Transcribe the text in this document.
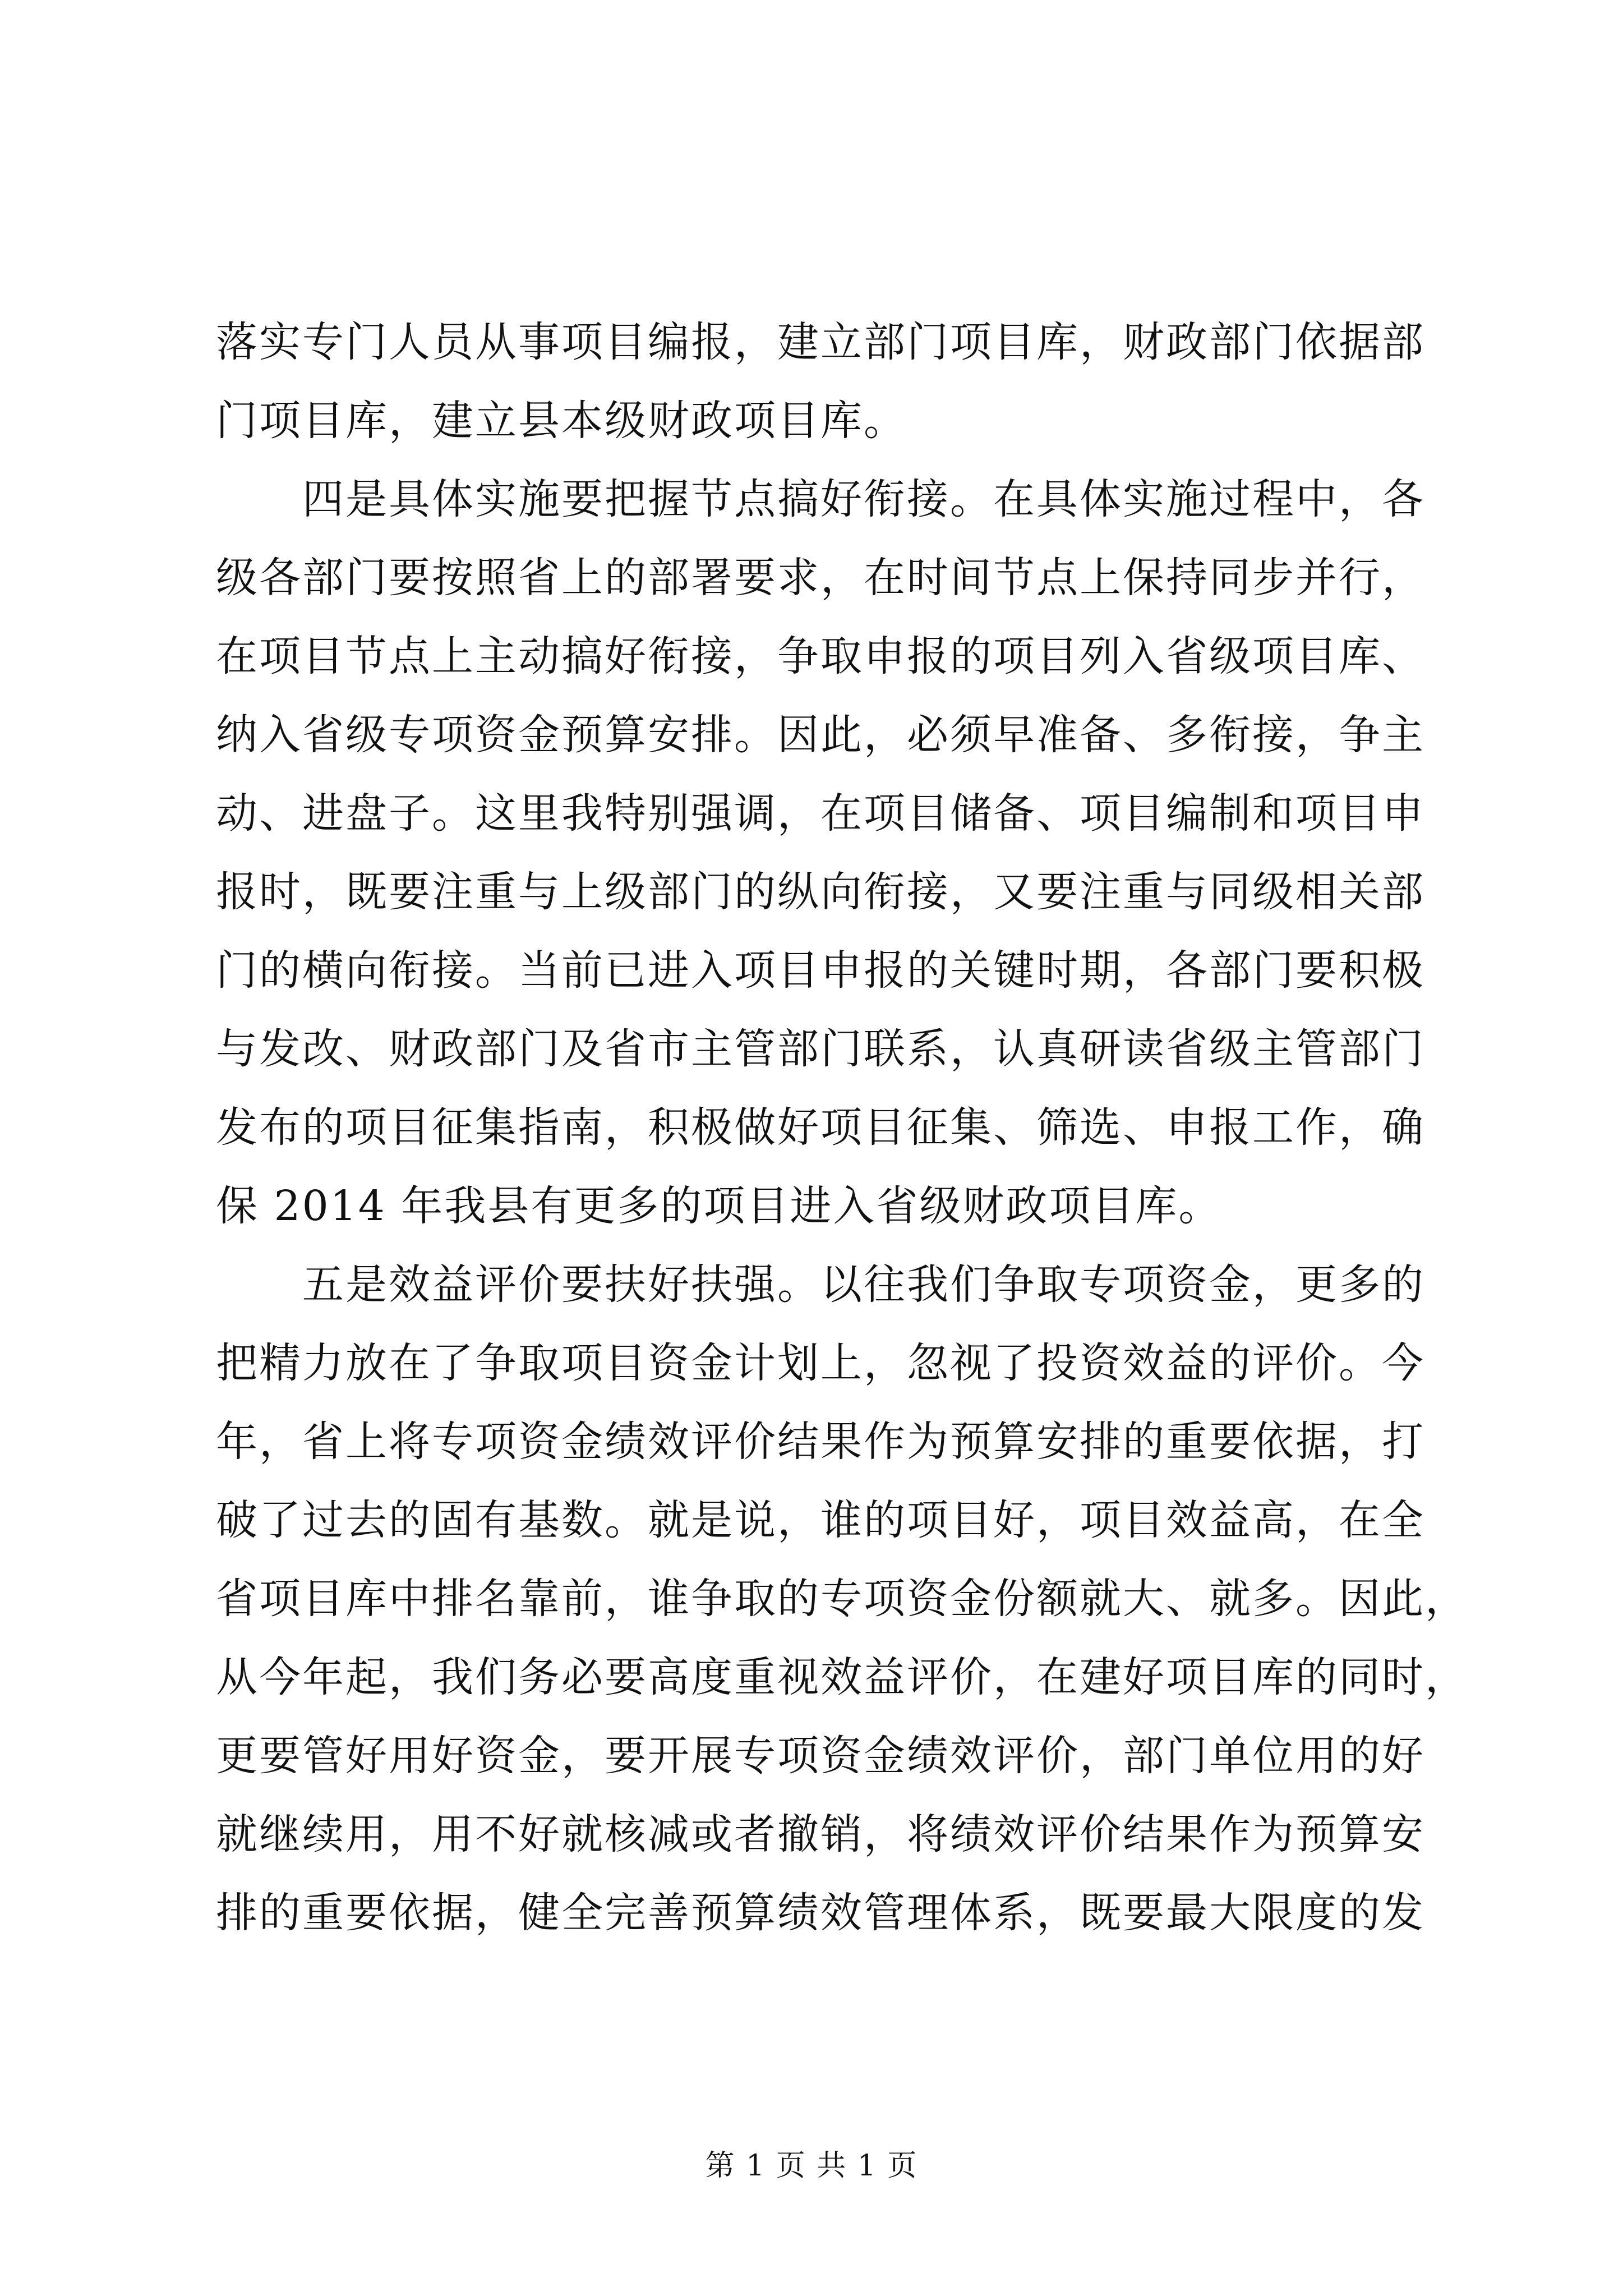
落实专门人员从事项目编报，建立部门项目库，财政部门依据部
门项目库，建立县本级财政项目库。
　　四是具体实施要把握节点搞好衔接。在具体实施过程中，各
级各部门要按照省上的部署要求，在时间节点上保持同步并行，
在项目节点上主动搞好衔接，争取申报的项目列入省级项目库、
纳入省级专项资金预算安排。因此，必须早准备、多衔接，争主
动、进盘子。这里我特别强调，在项目储备、项目编制和项目申
报时，既要注重与上级部门的纵向衔接，又要注重与同级相关部
门的横向衔接。当前已进入项目申报的关键时期，各部门要积极
与发改、财政部门及省市主管部门联系，认真研读省级主管部门
发布的项目征集指南，积极做好项目征集、筛选、申报工作，确
保 2014 年我县有更多的项目进入省级财政项目库。
　　五是效益评价要扶好扶强。以往我们争取专项资金，更多的
把精力放在了争取项目资金计划上，忽视了投资效益的评价。今
年，省上将专项资金绩效评价结果作为预算安排的重要依据，打
破了过去的固有基数。就是说，谁的项目好，项目效益高，在全
省项目库中排名靠前，谁争取的专项资金份额就大、就多。因此，
从今年起，我们务必要高度重视效益评价，在建好项目库的同时，
更要管好用好资金，要开展专项资金绩效评价，部门单位用的好
就继续用，用不好就核减或者撤销，将绩效评价结果作为预算安
排的重要依据，健全完善预算绩效管理体系，既要最大限度的发
第 1 页 共 1 页
